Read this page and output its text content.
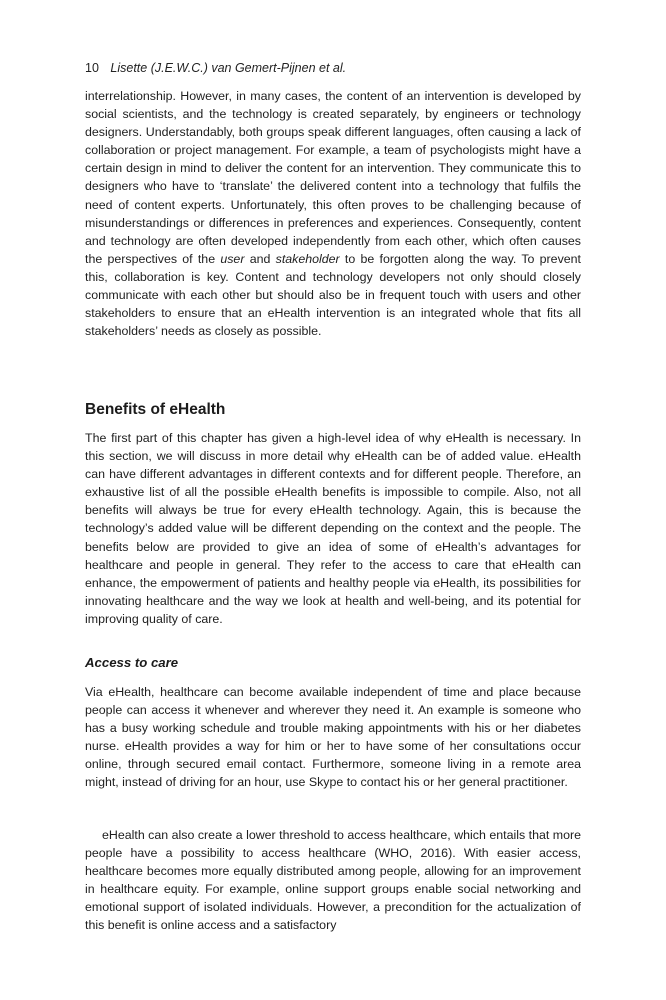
10 Lisette (J.E.W.C.) van Gemert-Pijnen et al.

interrelationship. However, in many cases, the content of an intervention is developed by social scientists, and the technology is created separately, by engineers or technology designers. Understandably, both groups speak different languages, often causing a lack of collaboration or project management. For example, a team of psychologists might have a certain design in mind to deliver the content for an intervention. They communicate this to designers who have to ‘translate’ the delivered content into a technology that fulfils the need of content experts. Unfortunately, this often proves to be challenging because of misunderstandings or differences in preferences and experiences. Consequently, content and technology are often developed independently from each other, which often causes the perspectives of the user and stakeholder to be forgotten along the way. To prevent this, collaboration is key. Content and technology developers not only should closely communicate with each other but should also be in frequent touch with users and other stakeholders to ensure that an eHealth intervention is an integrated whole that fits all stakeholders’ needs as closely as possible.

Benefits of eHealth

The first part of this chapter has given a high-level idea of why eHealth is necessary. In this section, we will discuss in more detail why eHealth can be of added value. eHealth can have different advantages in different contexts and for different people. Therefore, an exhaustive list of all the possible eHealth benefits is impossible to compile. Also, not all benefits will always be true for every eHealth technology. Again, this is because the technology’s added value will be different depending on the context and the people. The benefits below are provided to give an idea of some of eHealth’s advantages for healthcare and people in general. They refer to the access to care that eHealth can enhance, the empowerment of patients and healthy people via eHealth, its possibilities for innovating healthcare and the way we look at health and well-being, and its potential for improving quality of care.

Access to care

Via eHealth, healthcare can become available independent of time and place because people can access it whenever and wherever they need it. An example is someone who has a busy working schedule and trouble making appointments with his or her diabetes nurse. eHealth provides a way for him or her to have some of her consultations occur online, through secured email contact. Furthermore, someone living in a remote area might, instead of driving for an hour, use Skype to contact his or her general practitioner.

eHealth can also create a lower threshold to access healthcare, which entails that more people have a possibility to access healthcare (WHO, 2016). With easier access, healthcare becomes more equally distributed among people, allowing for an improvement in healthcare equity. For example, online support groups enable social networking and emotional support of isolated individuals. However, a precondition for the actualization of this benefit is online access and a satisfactory
